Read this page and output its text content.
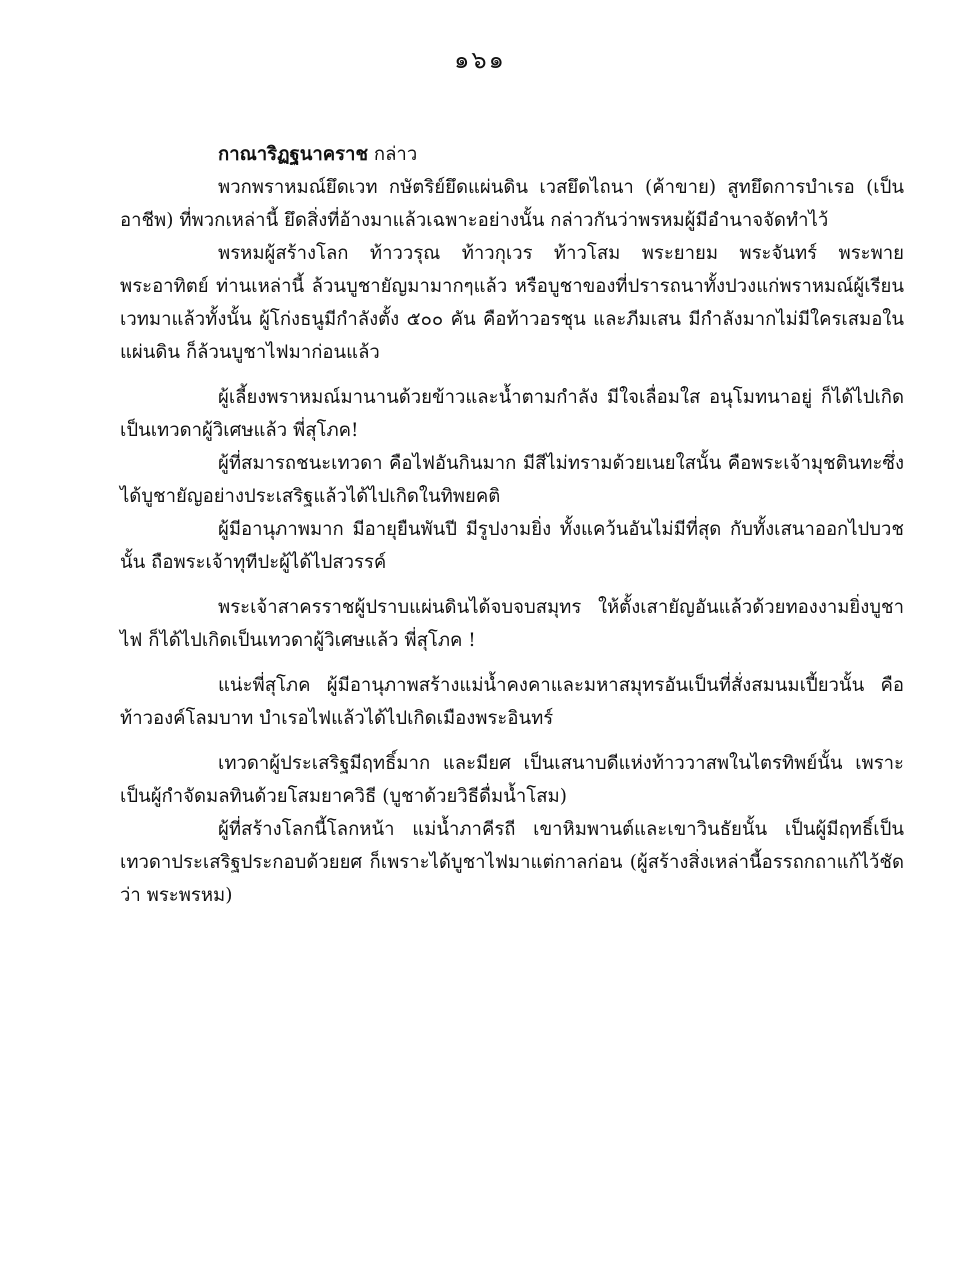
๑๖๑

กาณาริฏฐนาคราช กล่าว

พวกพราหมณ์ยึดเวท กษัตริย์ยึดแผ่นดิน เวสยึดไถนา (ค้าขาย) สูทยึดการบำเรอ (เป็นอาชีพ) ที่พวกเหล่านี้ ยึดสิ่งที่อ้างมาแล้วเฉพาะอย่างนั้น กล่าวกันว่าพรหมผู้มีอำนาจจัดทำไว้

พรหมผู้สร้างโลก ท้าววรุณ ท้าวกุเวร ท้าวโสม พระยายม พระจันทร์ พระพาย พระอาทิตย์ ท่านเหล่านี้ ล้วนบูชายัญมามากๆแล้ว หรือบูชาของที่ปรารถนาทั้งปวงแก่พราหมณ์ผู้เรียนเวทมาแล้วทั้งนั้น ผู้โก่งธนูมีกำลังตั้ง ๕๐๐ คัน คือท้าวอรชุน และภีมเสน มีกำลังมากไม่มีใครเสมอในแผ่นดิน ก็ล้วนบูชาไฟมาก่อนแล้ว

ผู้เลี้ยงพราหมณ์มานานด้วยข้าวและน้ำตามกำลัง มีใจเลื่อมใส อนุโมทนาอยู่ ก็ได้ไปเกิดเป็นเทวดาผู้วิเศษแล้ว พี่สุโภค!

ผู้ที่สมารถชนะเทวดา คือไฟอันกินมาก มีสีไม่ทรามด้วยเนยใสนั้น คือพระเจ้ามุชตินทะซึ่งได้บูชายัญอย่างประเสริฐแล้วได้ไปเกิดในทิพยคติ

ผู้มีอานุภาพมาก มีอายุยืนพันปี มีรูปงามยิ่ง ทั้งแคว้นอันไม่มีที่สุด กับทั้งเสนาออกไปบวชนั้น ถือพระเจ้าทุทีปะผู้ได้ไปสวรรค์

พระเจ้าสาครราชผู้ปราบแผ่นดินได้จบจบสมุทร ให้ตั้งเสายัญอันแล้วด้วยทองงามยิ่งบูชาไฟ ก็ได้ไปเกิดเป็นเทวดาผู้วิเศษแล้ว พี่สุโภค !

แน่ะพี่สุโภค ผู้มีอานุภาพสร้างแม่น้ำคงคาและมหาสมุทรอันเป็นที่สั่งสมนมเปี้ยวนั้น คือท้าวองค์โลมบาท บำเรอไฟแล้วได้ไปเกิดเมืองพระอินทร์

เทวดาผู้ประเสริฐมีฤทธิ์มาก และมียศ เป็นเสนาบดีแห่งท้าววาสพในไตรทิพย์นั้น เพราะเป็นผู้กำจัดมลทินด้วยโสมยาควิธี (บูชาด้วยวิธีดื่มน้ำโสม)

ผู้ที่สร้างโลกนี้โลกหน้า แม่น้ำภาคีรถี เขาหิมพานต์และเขาวินธัยนั้น เป็นผู้มีฤทธิ์เป็นเทวดาประเสริฐประกอบด้วยยศ ก็เพราะได้บูชาไฟมาแต่กาลก่อน (ผู้สร้างสิ่งเหล่านี้อรรถกถาแก้ไว้ชัดว่า พระพรหม)
